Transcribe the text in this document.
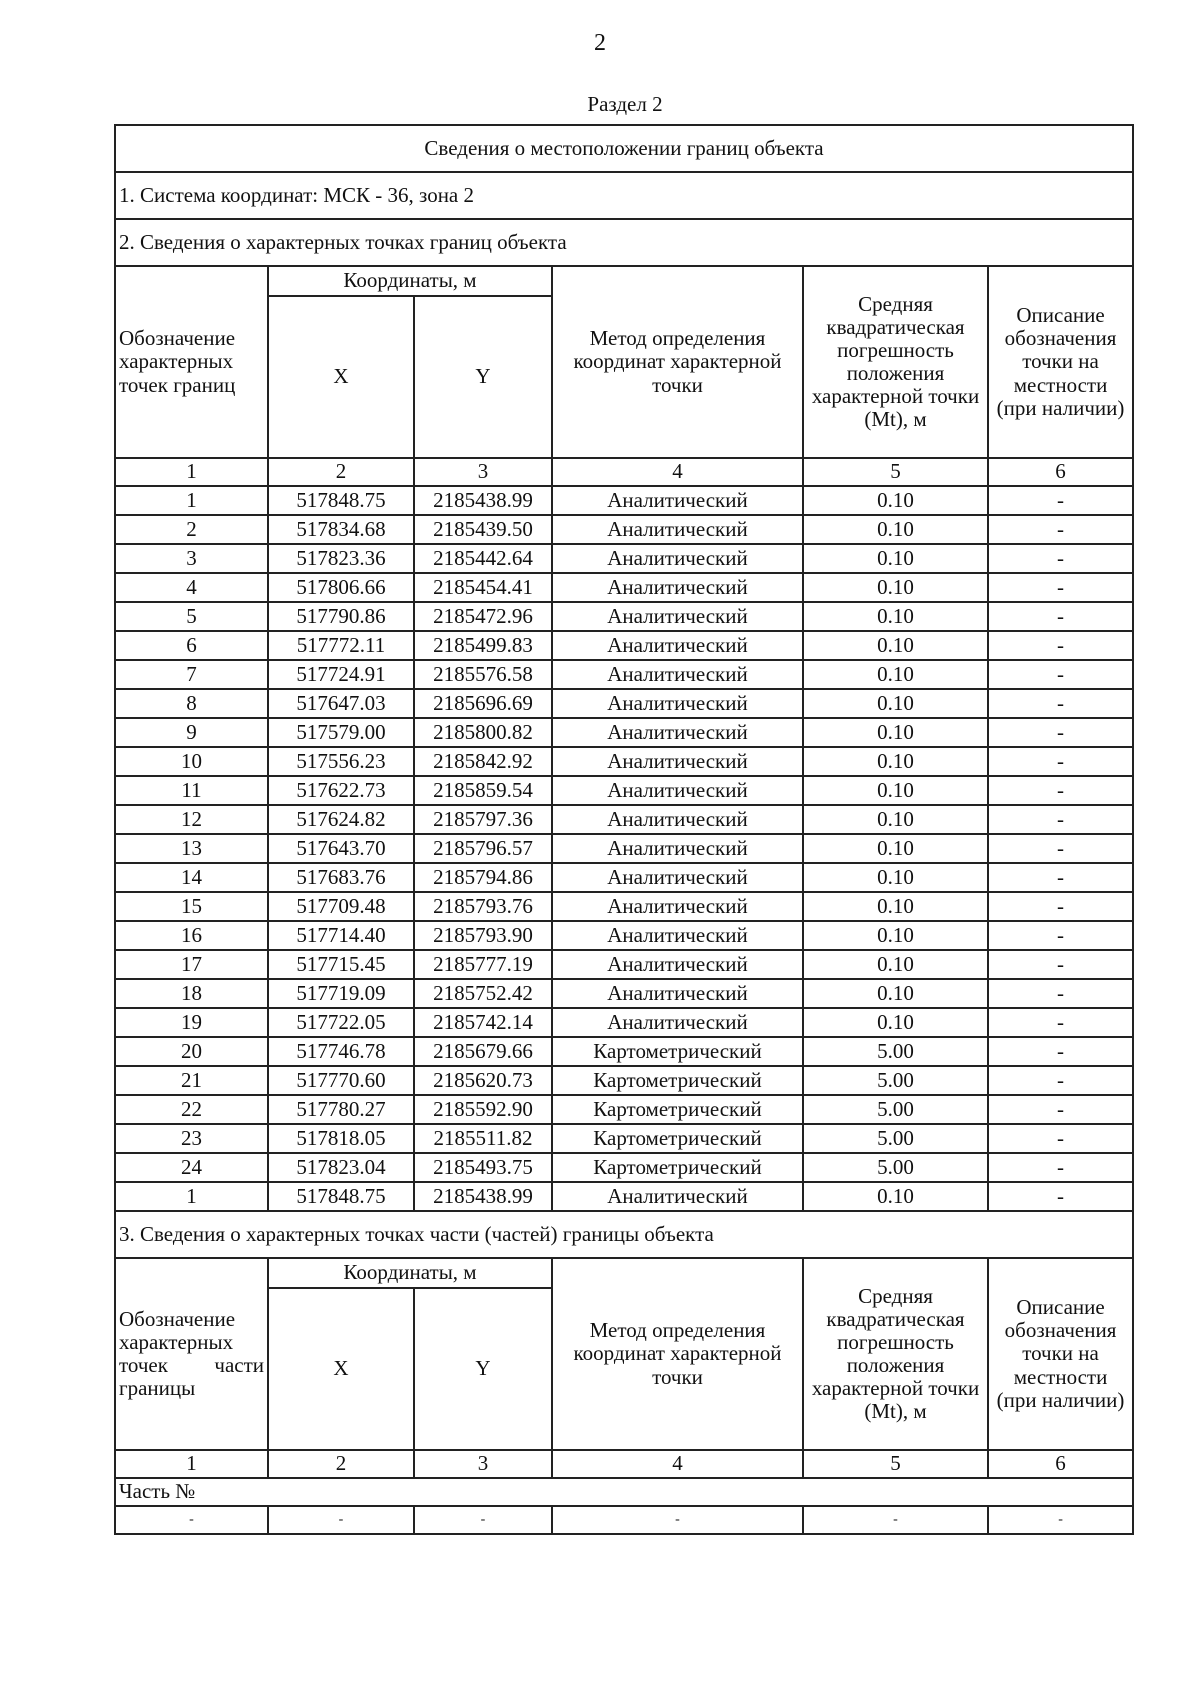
2
Раздел 2
Сведения о местоположении границ объекта					
1. Система координат: МСК - 36, зона 2					
2. Сведения о характерных точках границ объекта					
Обозначение характерных точек границ	Координаты, м		Метод определения координат характерной точки	Средняя квадратическая погрешность положения характерной точки (Mt), м	Описание обозначения точки на местности (при наличии)
	X	Y			
1	2	3	4	5	6
1	517848.75	2185438.99	Аналитический	0.10	-
2	517834.68	2185439.50	Аналитический	0.10	-
3	517823.36	2185442.64	Аналитический	0.10	-
4	517806.66	2185454.41	Аналитический	0.10	-
5	517790.86	2185472.96	Аналитический	0.10	-
6	517772.11	2185499.83	Аналитический	0.10	-
7	517724.91	2185576.58	Аналитический	0.10	-
8	517647.03	2185696.69	Аналитический	0.10	-
9	517579.00	2185800.82	Аналитический	0.10	-
10	517556.23	2185842.92	Аналитический	0.10	-
11	517622.73	2185859.54	Аналитический	0.10	-
12	517624.82	2185797.36	Аналитический	0.10	-
13	517643.70	2185796.57	Аналитический	0.10	-
14	517683.76	2185794.86	Аналитический	0.10	-
15	517709.48	2185793.76	Аналитический	0.10	-
16	517714.40	2185793.90	Аналитический	0.10	-
17	517715.45	2185777.19	Аналитический	0.10	-
18	517719.09	2185752.42	Аналитический	0.10	-
19	517722.05	2185742.14	Аналитический	0.10	-
20	517746.78	2185679.66	Картометрический	5.00	-
21	517770.60	2185620.73	Картометрический	5.00	-
22	517780.27	2185592.90	Картометрический	5.00	-
23	517818.05	2185511.82	Картометрический	5.00	-
24	517823.04	2185493.75	Картометрический	5.00	-
1	517848.75	2185438.99	Аналитический	0.10	-
3. Сведения о характерных точках части (частей) границы объекта					
Обозначение характерных точек части границы	Координаты, м		Метод определения координат характерной точки	Средняя квадратическая погрешность положения характерной точки (Mt), м	Описание обозначения точки на местности (при наличии)
	X	Y			
1	2	3	4	5	6
Часть №					
-	-	-	-	-	-
